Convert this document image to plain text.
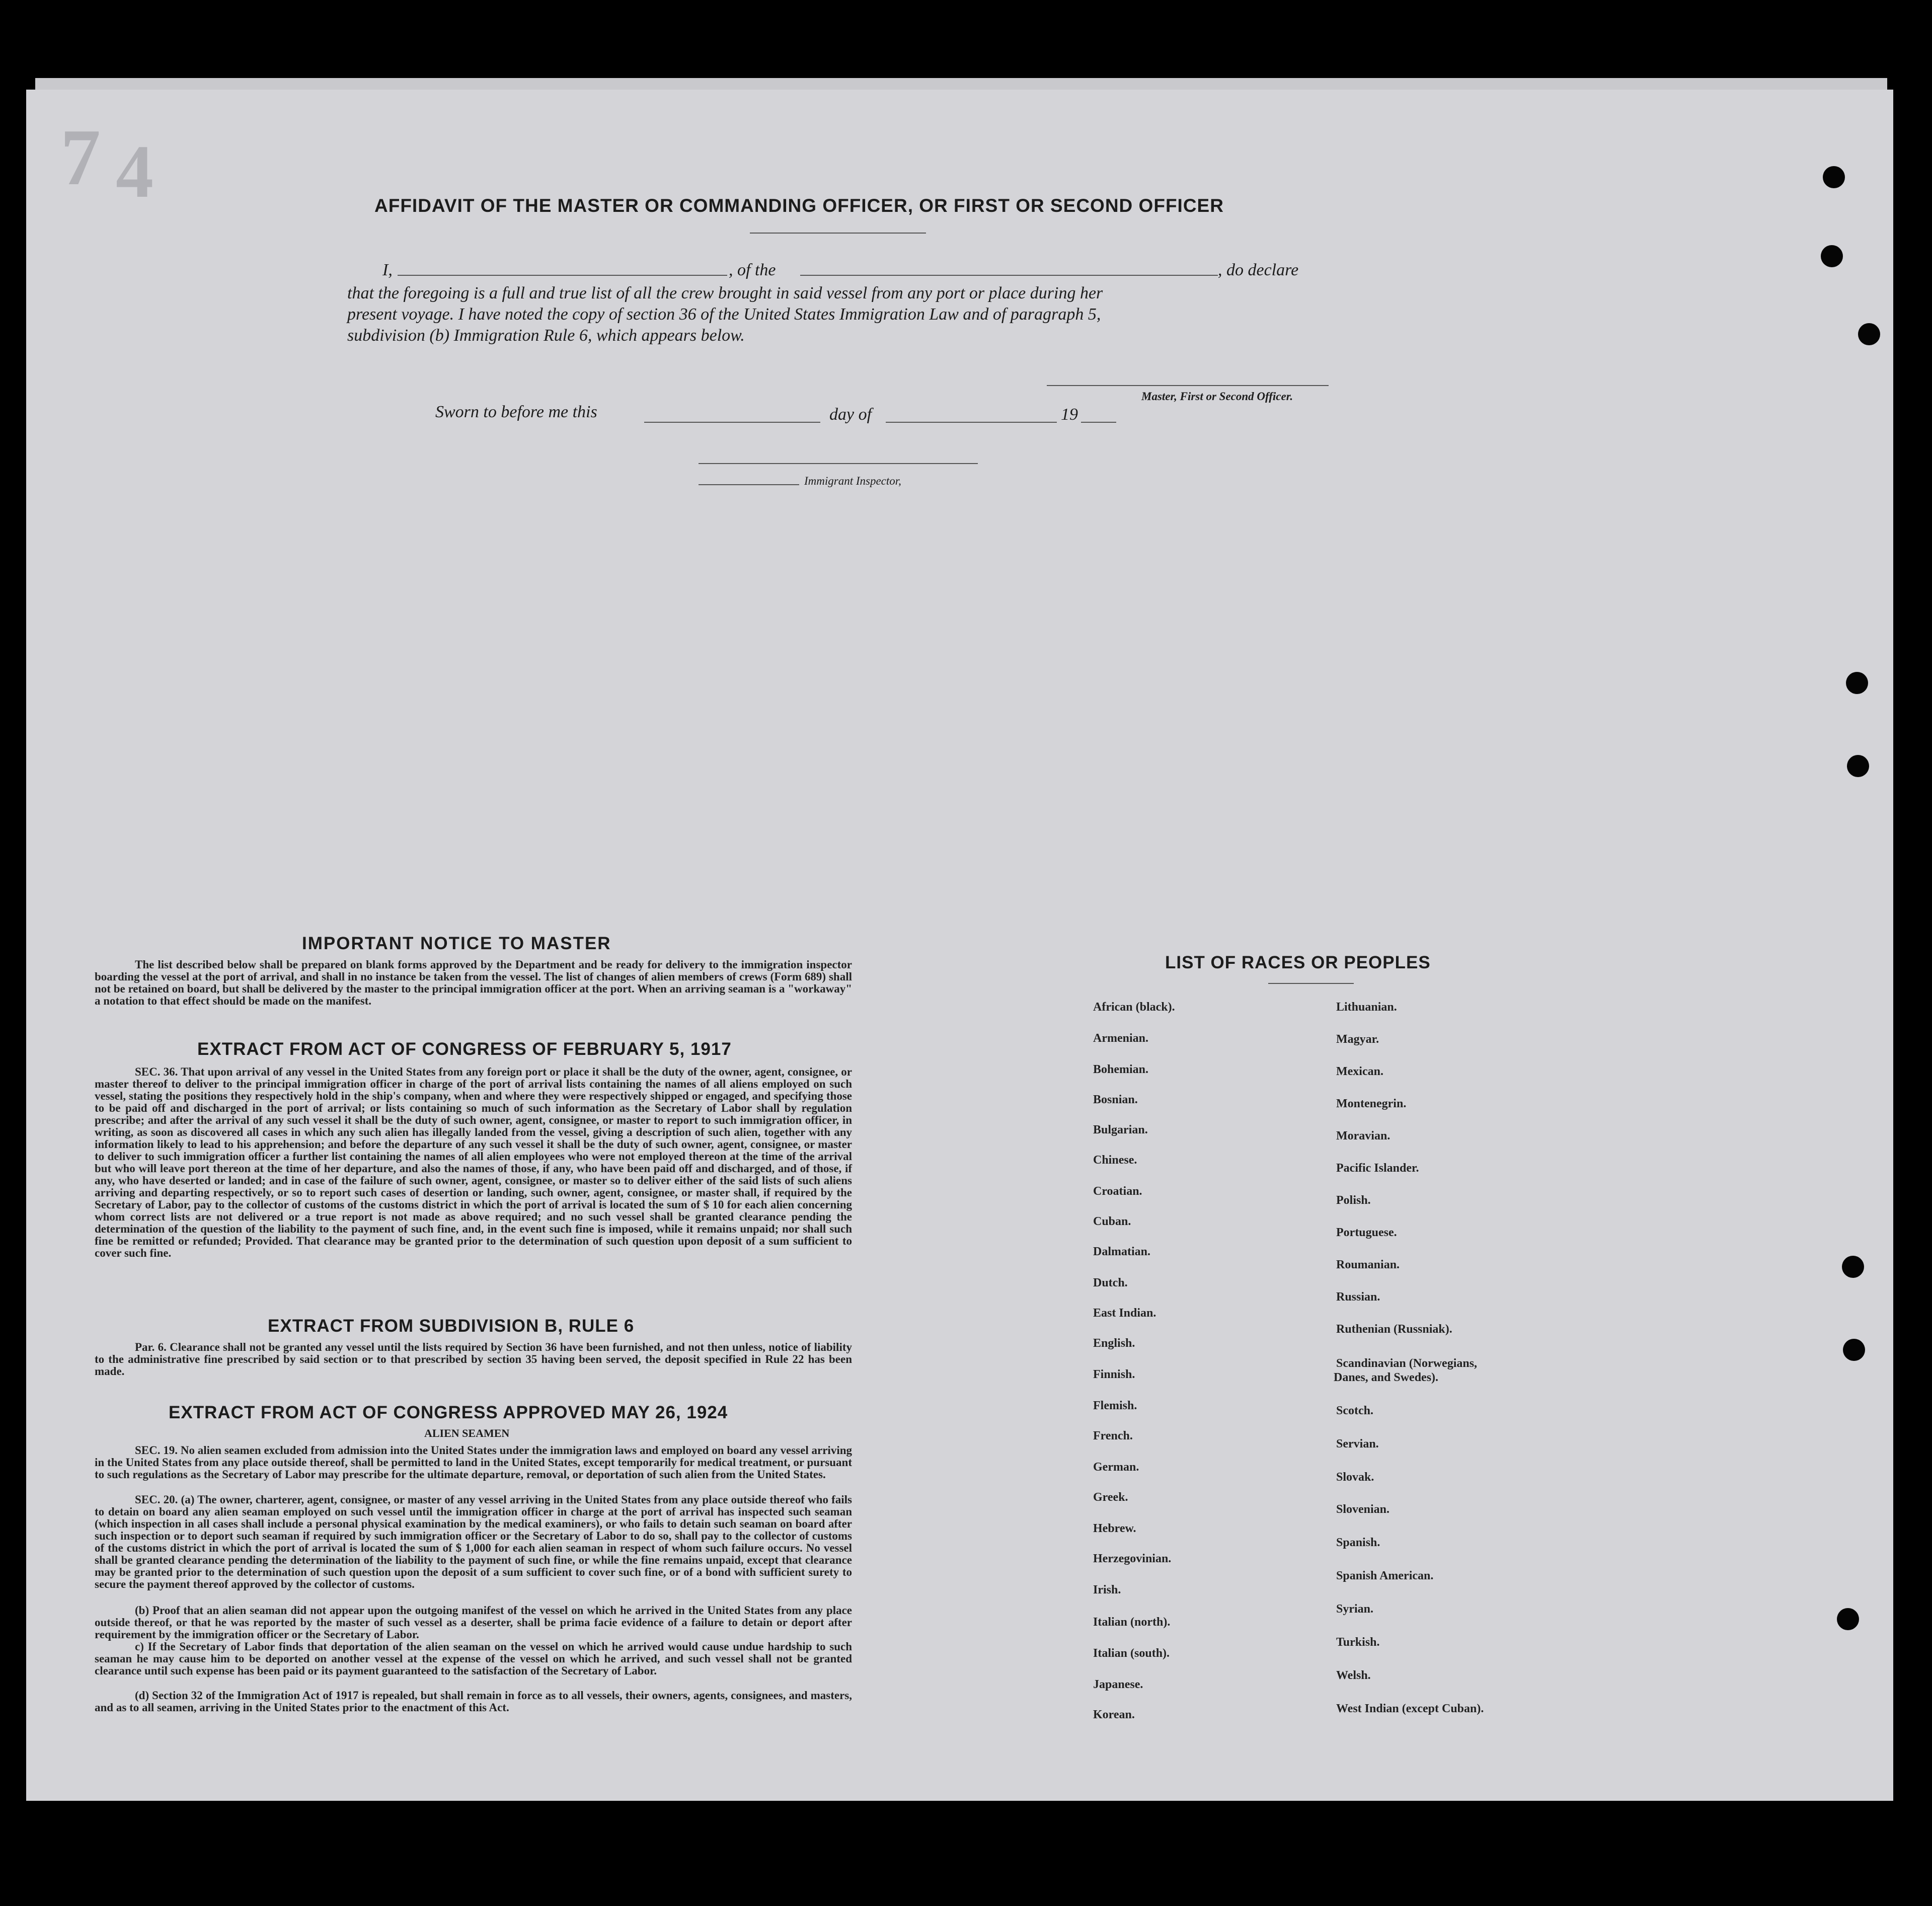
7 4	AFFIDAVIT OF THE MASTER OR COMMANDING OFFICER, OR FIRST OR SECOND OFFICER
I,	, of the	, do declare
that the foregoing is a full and true list of all the crew brought in said vessel from any port or place during her
present voyage. I have noted the copy of section 36 of the United States Immigration Law and of paragraph 5,
subdivision (b) Immigration Rule 6, which appears below.
Master, First or Second Officer.
Sworn to before me this	day of	19
Immigrant Inspector,
IMPORTANT NOTICE TO MASTER
The list described below shall be prepared on blank forms approved by the Department and be ready for delivery to the immigration inspector boarding the vessel at the port of arrival, and shall in no instance be taken from the vessel. The list of changes of alien members of crews (Form 689) shall not be retained on board, but shall be delivered by the master to the principal immigration officer at the port. When an arriving seaman is a "workaway" a notation to that effect should be made on the manifest.
EXTRACT FROM ACT OF CONGRESS OF FEBRUARY 5, 1917
SEC. 36. That upon arrival of any vessel in the United States from any foreign port or place it shall be the duty of the owner, agent, consignee, or master thereof to deliver to the principal immigration officer in charge of the port of arrival lists containing the names of all aliens employed on such vessel, stating the positions they respectively hold in the ship's company, when and where they were respectively shipped or engaged, and specifying those to be paid off and discharged in the port of arrival; or lists containing so much of such information as the Secretary of Labor shall by regulation prescribe; and after the arrival of any such vessel it shall be the duty of such owner, agent, consignee, or master to report to such immigration officer, in writing, as soon as discovered all cases in which any such alien has illegally landed from the vessel, giving a description of such alien, together with any information likely to lead to his apprehension; and before the departure of any such vessel it shall be the duty of such owner, agent, consignee, or master to deliver to such immigration officer a further list containing the names of all alien employees who were not employed thereon at the time of the arrival but who will leave port thereon at the time of her departure, and also the names of those, if any, who have been paid off and discharged, and of those, if any, who have deserted or landed; and in case of the failure of such owner, agent, consignee, or master so to deliver either of the said lists of such aliens arriving and departing respectively, or so to report such cases of desertion or landing, such owner, agent, consignee, or master shall, if required by the Secretary of Labor, pay to the collector of customs of the customs district in which the port of arrival is located the sum of $ 10 for each alien concerning whom correct lists are not delivered or a true report is not made as above required; and no such vessel shall be granted clearance pending the determination of the question of the liability to the payment of such fine, and, in the event such fine is imposed, while it remains unpaid; nor shall such fine be remitted or refunded; Provided. That clearance may be granted prior to the determination of such question upon deposit of a sum sufficient to cover such fine.
EXTRACT FROM SUBDIVISION B, RULE 6
Par. 6. Clearance shall not be granted any vessel until the lists required by Section 36 have been furnished, and not then unless, notice of liability to the administrative fine prescribed by said section or to that prescribed by section 35 having been served, the deposit specified in Rule 22 has been made.
EXTRACT FROM ACT OF CONGRESS APPROVED MAY 26, 1924
ALIEN SEAMEN
SEC. 19. No alien seamen excluded from admission into the United States under the immigration laws and employed on board any vessel arriving in the United States from any place outside thereof, shall be permitted to land in the United States, except temporarily for medical treatment, or pursuant to such regulations as the Secretary of Labor may prescribe for the ultimate departure, removal, or deportation of such alien from the United States.
SEC. 20. (a) The owner, charterer, agent, consignee, or master of any vessel arriving in the United States from any place outside thereof who fails to detain on board any alien seaman employed on such vessel until the immigration officer in charge at the port of arrival has inspected such seaman (which inspection in all cases shall include a personal physical examination by the medical examiners), or who fails to detain such seaman on board after such inspection or to deport such seaman if required by such immigration officer or the Secretary of Labor to do so, shall pay to the collector of customs of the customs district in which the port of arrival is located the sum of $ 1,000 for each alien seaman in respect of whom such failure occurs. No vessel shall be granted clearance pending the determination of the liability to the payment of such fine, or while the fine remains unpaid, except that clearance may be granted prior to the determination of such question upon the deposit of a sum sufficient to cover such fine, or of a bond with sufficient surety to secure the payment thereof approved by the collector of customs.
(b) Proof that an alien seaman did not appear upon the outgoing manifest of the vessel on which he arrived in the United States from any place outside thereof, or that he was reported by the master of such vessel as a deserter, shall be prima facie evidence of a failure to detain or deport after requirement by the immigration officer or the Secretary of Labor.
c) If the Secretary of Labor finds that deportation of the alien seaman on the vessel on which he arrived would cause undue hardship to such seaman he may cause him to be deported on another vessel at the expense of the vessel on which he arrived, and such vessel shall not be granted clearance until such expense has been paid or its payment guaranteed to the satisfaction of the Secretary of Labor.
(d) Section 32 of the Immigration Act of 1917 is repealed, but shall remain in force as to all vessels, their owners, agents, consignees, and masters, and as to all seamen, arriving in the United States prior to the enactment of this Act.
LIST OF RACES OR PEOPLES
African (black).
Armenian.
Bohemian.
Bosnian.
Bulgarian.
Chinese.
Croatian.
Cuban.
Dalmatian.
Dutch.
East Indian.
English.
Finnish.
Flemish.
French.
German.
Greek.
Hebrew.
Herzegovinian.
Irish.
Italian (north).
Italian (south).
Japanese.
Korean.
Lithuanian.
Magyar.
Mexican.
Montenegrin.
Moravian.
Pacific Islander.
Polish.
Portuguese.
Roumanian.
Russian.
Ruthenian (Russniak).
Scandinavian (Norwegians,
Danes, and Swedes).
Scotch.
Servian.
Slovak.
Slovenian.
Spanish.
Spanish American.
Syrian.
Turkish.
Welsh.
West Indian (except Cuban).
